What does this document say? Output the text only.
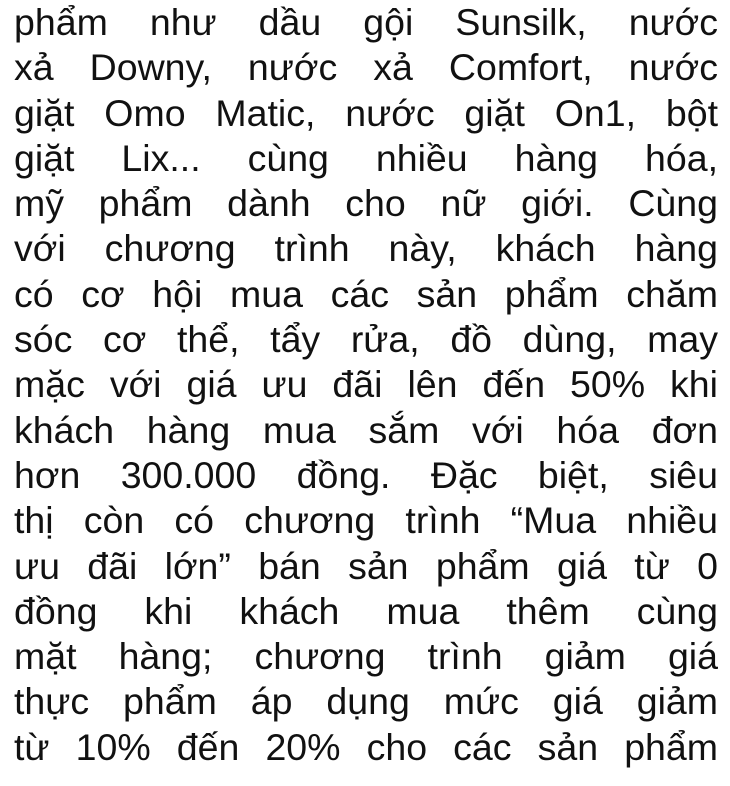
phẩm như dầu gội Sunsilk, nước
xả Downy, nước xả Comfort, nước
giặt Omo Matic, nước giặt On1, bột
giặt Lix... cùng nhiều hàng hóa,
mỹ phẩm dành cho nữ giới. Cùng
với chương trình này, khách hàng
có cơ hội mua các sản phẩm chăm
sóc cơ thể, tẩy rửa, đồ dùng, may
mặc với giá ưu đãi lên đến 50% khi
khách hàng mua sắm với hóa đơn
hơn 300.000 đồng. Đặc biệt, siêu
thị còn có chương trình “Mua nhiều
ưu đãi lớn” bán sản phẩm giá từ 0
đồng khi khách mua thêm cùng
mặt hàng; chương trình giảm giá
thực phẩm áp dụng mức giá giảm
từ 10% đến 20% cho các sản phẩm
